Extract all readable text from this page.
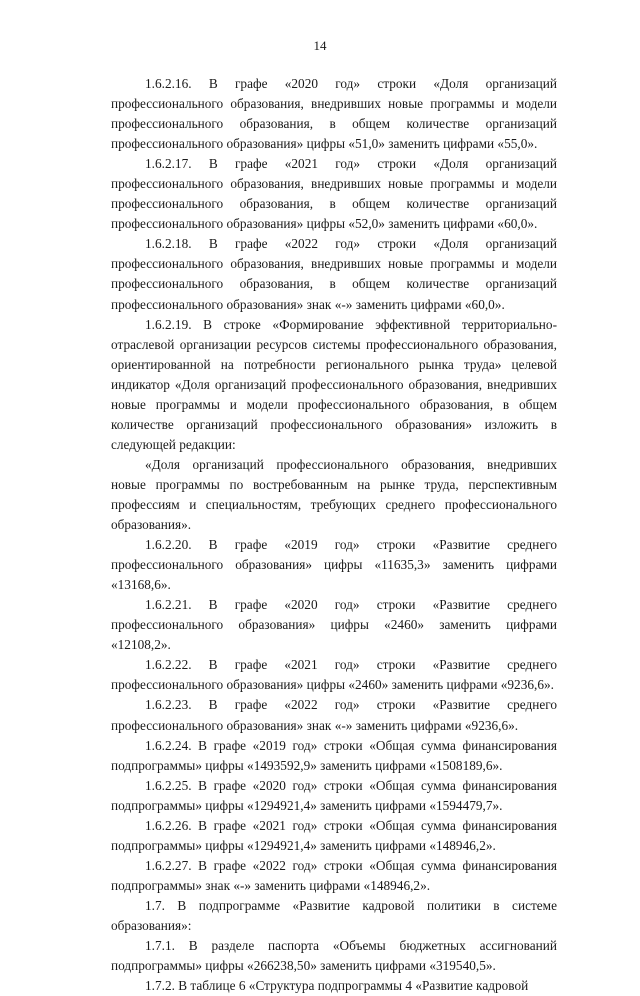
14

1.6.2.16. В графе «2020 год» строки «Доля организаций профессионального образования, внедривших новые программы и модели профессионального образования, в общем количестве организаций профессионального образования» цифры «51,0» заменить цифрами «55,0».

1.6.2.17. В графе «2021 год» строки «Доля организаций профессионального образования, внедривших новые программы и модели профессионального образования, в общем количестве организаций профессионального образования» цифры «52,0» заменить цифрами «60,0».

1.6.2.18. В графе «2022 год» строки «Доля организаций профессионального образования, внедривших новые программы и модели профессионального образования, в общем количестве организаций профессионального образования» знак «-» заменить цифрами «60,0».

1.6.2.19. В строке «Формирование эффективной территориально-отраслевой организации ресурсов системы профессионального образования, ориентированной на потребности регионального рынка труда» целевой индикатор «Доля организаций профессионального образования, внедривших новые программы и модели профессионального образования, в общем количестве организаций профессионального образования» изложить в следующей редакции:

«Доля организаций профессионального образования, внедривших новые программы по востребованным на рынке труда, перспективным профессиям и специальностям, требующих среднего профессионального образования».

1.6.2.20. В графе «2019 год» строки «Развитие среднего профессионального образования» цифры «11635,3» заменить цифрами «13168,6».

1.6.2.21. В графе «2020 год» строки «Развитие среднего профессионального образования» цифры «2460» заменить цифрами «12108,2».

1.6.2.22. В графе «2021 год» строки «Развитие среднего профессионального образования» цифры «2460» заменить цифрами «9236,6».

1.6.2.23. В графе «2022 год» строки «Развитие среднего профессионального образования» знак «-» заменить цифрами «9236,6».

1.6.2.24. В графе «2019 год» строки «Общая сумма финансирования подпрограммы» цифры «1493592,9» заменить цифрами «1508189,6».

1.6.2.25. В графе «2020 год» строки «Общая сумма финансирования подпрограммы» цифры «1294921,4» заменить цифрами «1594479,7».

1.6.2.26. В графе «2021 год» строки «Общая сумма финансирования подпрограммы» цифры «1294921,4» заменить цифрами «148946,2».

1.6.2.27. В графе «2022 год» строки «Общая сумма финансирования подпрограммы» знак «-» заменить цифрами «148946,2».

1.7. В подпрограмме «Развитие кадровой политики в системе образования»:

1.7.1. В разделе паспорта «Объемы бюджетных ассигнований подпрограммы» цифры «266238,50» заменить цифрами «319540,5».

1.7.2. В таблице 6 «Структура подпрограммы 4 «Развитие кадровой
